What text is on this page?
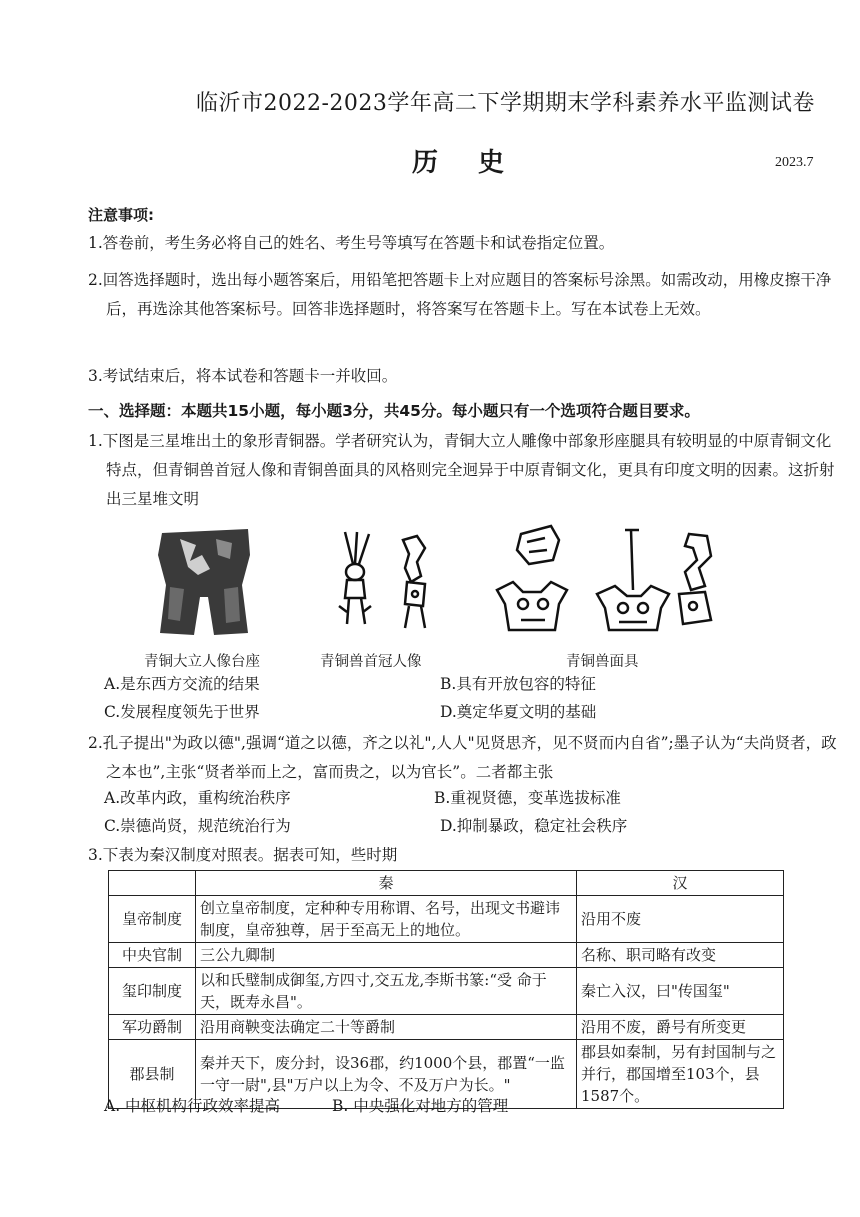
临沂市2022-2023学年高二下学期期末学科素养水平监测试卷
历史	2023.7
注意事项:
1.答卷前，考生务必将自己的姓名、考生号等填写在答题卡和试卷指定位置。
2.回答选择题时，选出每小题答案后，用铅笔把答题卡上对应题目的答案标号涂黑。如需改动，用橡皮擦干净后，再选涂其他答案标号。回答非选择题时，将答案写在答题卡上。写在本试卷上无效。
3.考试结束后，将本试卷和答题卡一并收回。
一、选择题：本题共15小题，每小题3分，共45分。每小题只有一个选项符合题目要求。
1.下图是三星堆出土的象形青铜器。学者研究认为，青铜大立人雕像中部象形座腿具有较明显的中原青铜文化特点，但青铜兽首冠人像和青铜兽面具的风格则完全迥异于中原青铜文化，更具有印度文明的因素。这折射出三星堆文明
青铜大立人像台座	青铜兽首冠人像	青铜兽面具
A.是东西方交流的结果	B.具有开放包容的特征
C.发展程度领先于世界	D.奠定华夏文明的基础
2.孔子提出"为政以德",强调“道之以德，齐之以礼",人人"见贤思齐，见不贤而内自省”;墨子认为“夫尚贤者，政之本也”,主张“贤者举而上之，富而贵之，以为官长”。二者都主张
A.改革内政，重构统治秩序	B.重视贤德，变革选拔标准
C.崇德尚贤，规范统治行为	D.抑制暴政，稳定社会秩序
3.下表为秦汉制度对照表。据表可知，些时期
	秦	汉
皇帝制度	创立皇帝制度，定种种专用称谓、名号，出现文书避讳制度，皇帝独尊，居于至高无上的地位。	沿用不废
中央官制	三公九卿制	名称、职司略有改变
玺印制度	以和氏璧制成御玺,方四寸,交五龙,李斯书篆:“受 命于天，既寿永昌"。	秦亡入汉，曰"传国玺"
军功爵制	沿用商鞅变法确定二十等爵制	沿用不废，爵号有所变更
郡县制	秦并天下，废分封，设36郡，约1000个县，郡置“一监一守一尉",县"万户以上为令、不及万户为长。"	郡县如秦制，另有封国制与之并行，郡国增至103个，县1587个。
A. 中枢机构行政效率提高	B. 中央强化对地方的管理
